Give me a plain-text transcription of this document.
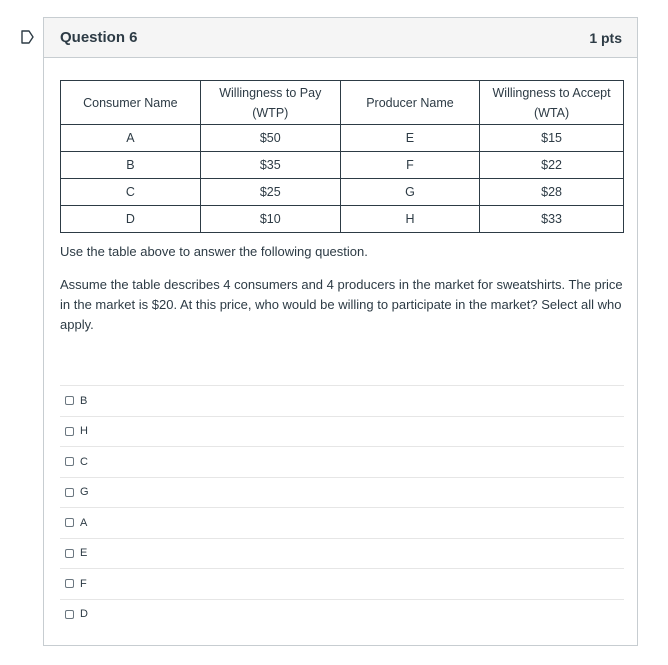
Question 6	1 pts
Consumer Name	Willingness to Pay (WTP)	Producer Name	Willingness to Accept (WTA)
A	$50	E	$15
B	$35	F	$22
C	$25	G	$28
D	$10	H	$33

Use the table above to answer the following question.

Assume the table describes 4 consumers and 4 producers in the market for sweatshirts. The price in the market is $20. At this price, who would be willing to participate in the market? Select all who apply.

B
H
C
G
A
E
F
D
